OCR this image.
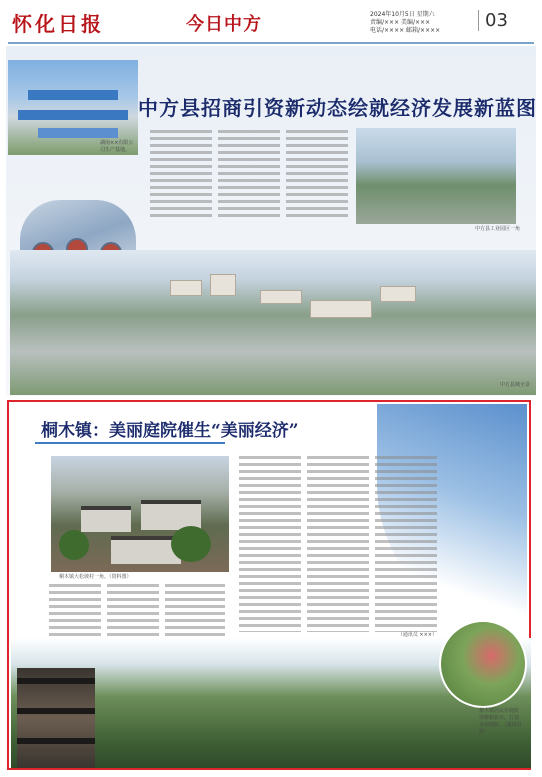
怀化日报	今日中方	2024年10月5日 星期六
责编/××× 美编/×××
电话/×××× 邮箱/××××	03
湖南××有限公司生产基地。
中方县招商引资新动态绘就经济发展新蓝图
中方县工业园区一角
中方县城全景
桐木镇：美丽庭院催生“美丽经济”
桐木镇大松坡村一角。（资料图）
（通讯员 ×××）
桐木镇居民在庭院里种植花卉，打造美丽庭院。（通讯员 摄）
